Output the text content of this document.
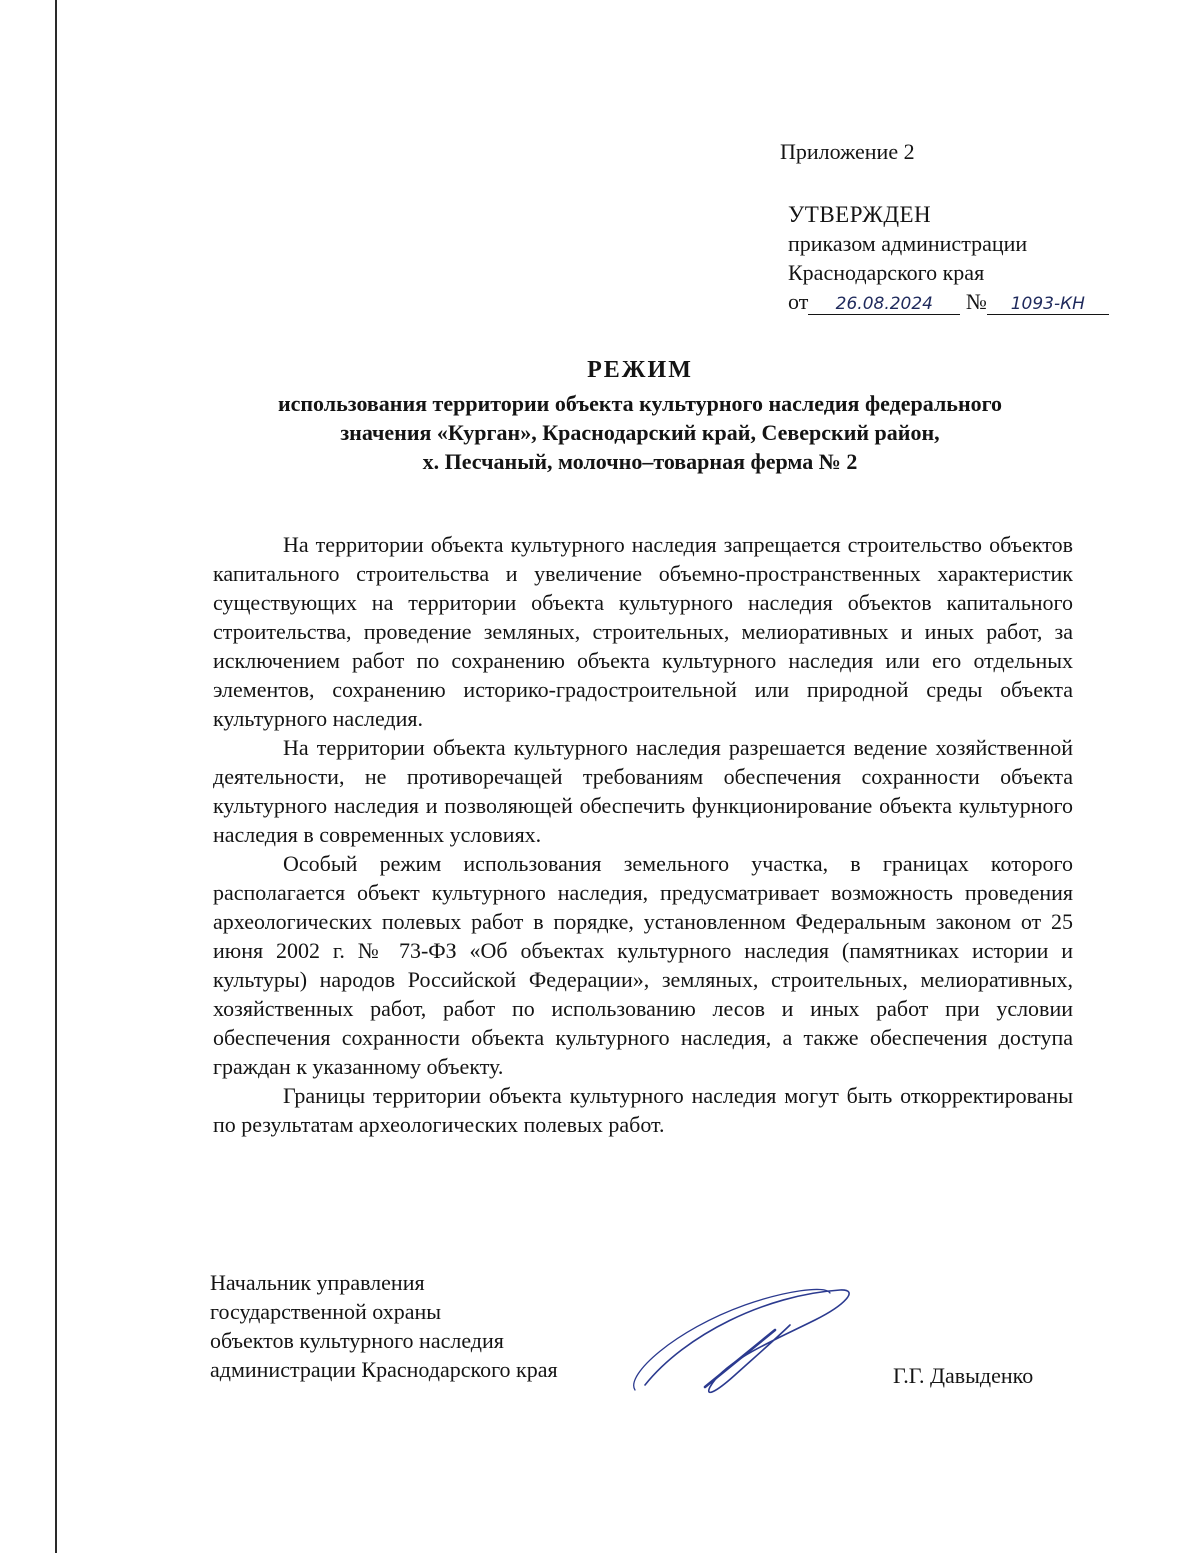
Приложение 2
УТВЕРЖДЕН
приказом администрации
Краснодарского края
от 26.08.2024 № 1093-КН
РЕЖИМ
использования территории объекта культурного наследия федерального
значения «Курган», Краснодарский край, Северский район,
х. Песчаный, молочно–товарная ферма № 2

На территории объекта культурного наследия запрещается строительство объектов капитального строительства и увеличение объемно-пространственных характеристик существующих на территории объекта культурного наследия объектов капитального строительства, проведение земляных, строительных, мелиоративных и иных работ, за исключением работ по сохранению объекта культурного наследия или его отдельных элементов, сохранению историко-градостроительной или природной среды объекта культурного наследия.

На территории объекта культурного наследия разрешается ведение хозяйственной деятельности, не противоречащей требованиям обеспечения сохранности объекта культурного наследия и позволяющей обеспечить функционирование объекта культурного наследия в современных условиях.

Особый режим использования земельного участка, в границах которого располагается объект культурного наследия, предусматривает возможность проведения археологических полевых работ в порядке, установленном Федеральным законом от 25 июня 2002 г. № 73-ФЗ «Об объектах культурного наследия (памятниках истории и культуры) народов Российской Федерации», земляных, строительных, мелиоративных, хозяйственных работ, работ по использованию лесов и иных работ при условии обеспечения сохранности объекта культурного наследия, а также обеспечения доступа граждан к указанному объекту.

Границы территории объекта культурного наследия могут быть откорректированы по результатам археологических полевых работ.

Начальник управления
государственной охраны
объектов культурного наследия
администрации Краснодарского края	Г.Г. Давыденко
